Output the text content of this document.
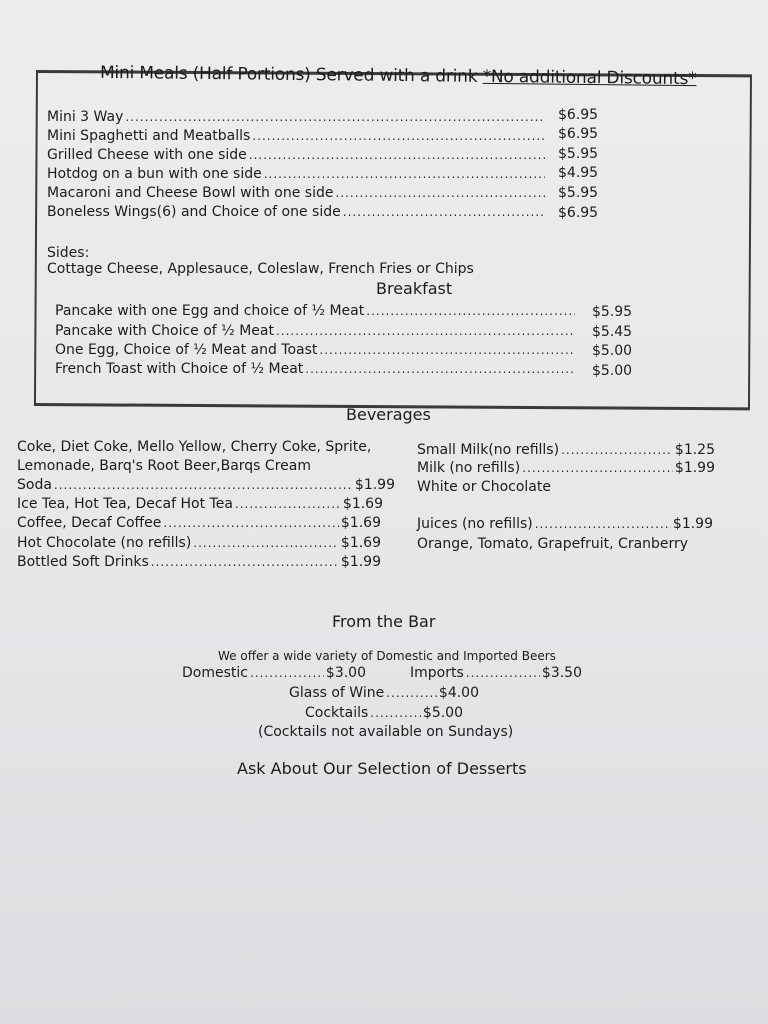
Mini Meals (Half Portions) Served with a drink *No additional Discounts*
Mini 3 Way .....	$6.95
Mini Spaghetti and Meatballs .....	$6.95
Grilled Cheese with one side .....	$5.95
Hotdog on a bun with one side .....	$4.95
Macaroni and Cheese Bowl with one side .....	$5.95
Boneless Wings(6) and Choice of one side .....	$6.95
Sides:
Cottage Cheese, Applesauce, Coleslaw, French Fries or Chips
Breakfast
Pancake with one Egg and choice of ½ Meat .....	$5.95
Pancake with Choice of ½ Meat .....	$5.45
One Egg, Choice of ½ Meat and Toast .....	$5.00
French Toast with Choice of ½ Meat .....	$5.00
Beverages
Coke, Diet Coke, Mello Yellow, Cherry Coke, Sprite,
Lemonade, Barq's Root Beer,Barqs Cream
Soda .....	$1.99
Ice Tea, Hot Tea, Decaf Hot Tea .....	$1.69
Coffee, Decaf Coffee .....	$1.69
Hot Chocolate (no refills) .....	$1.69
Bottled Soft Drinks .....	$1.99
Small Milk(no refills) .....	$1.25
Milk (no refills) .....	$1.99
White or Chocolate
Juices (no refills) .....	$1.99
Orange, Tomato, Grapefruit, Cranberry
From the Bar
We offer a wide variety of Domestic and Imported Beers
Domestic .....	$3.00	Imports .....	$3.50
Glass of Wine .....	$4.00
Cocktails .....	$5.00
(Cocktails not available on Sundays)
Ask About Our Selection of Desserts
